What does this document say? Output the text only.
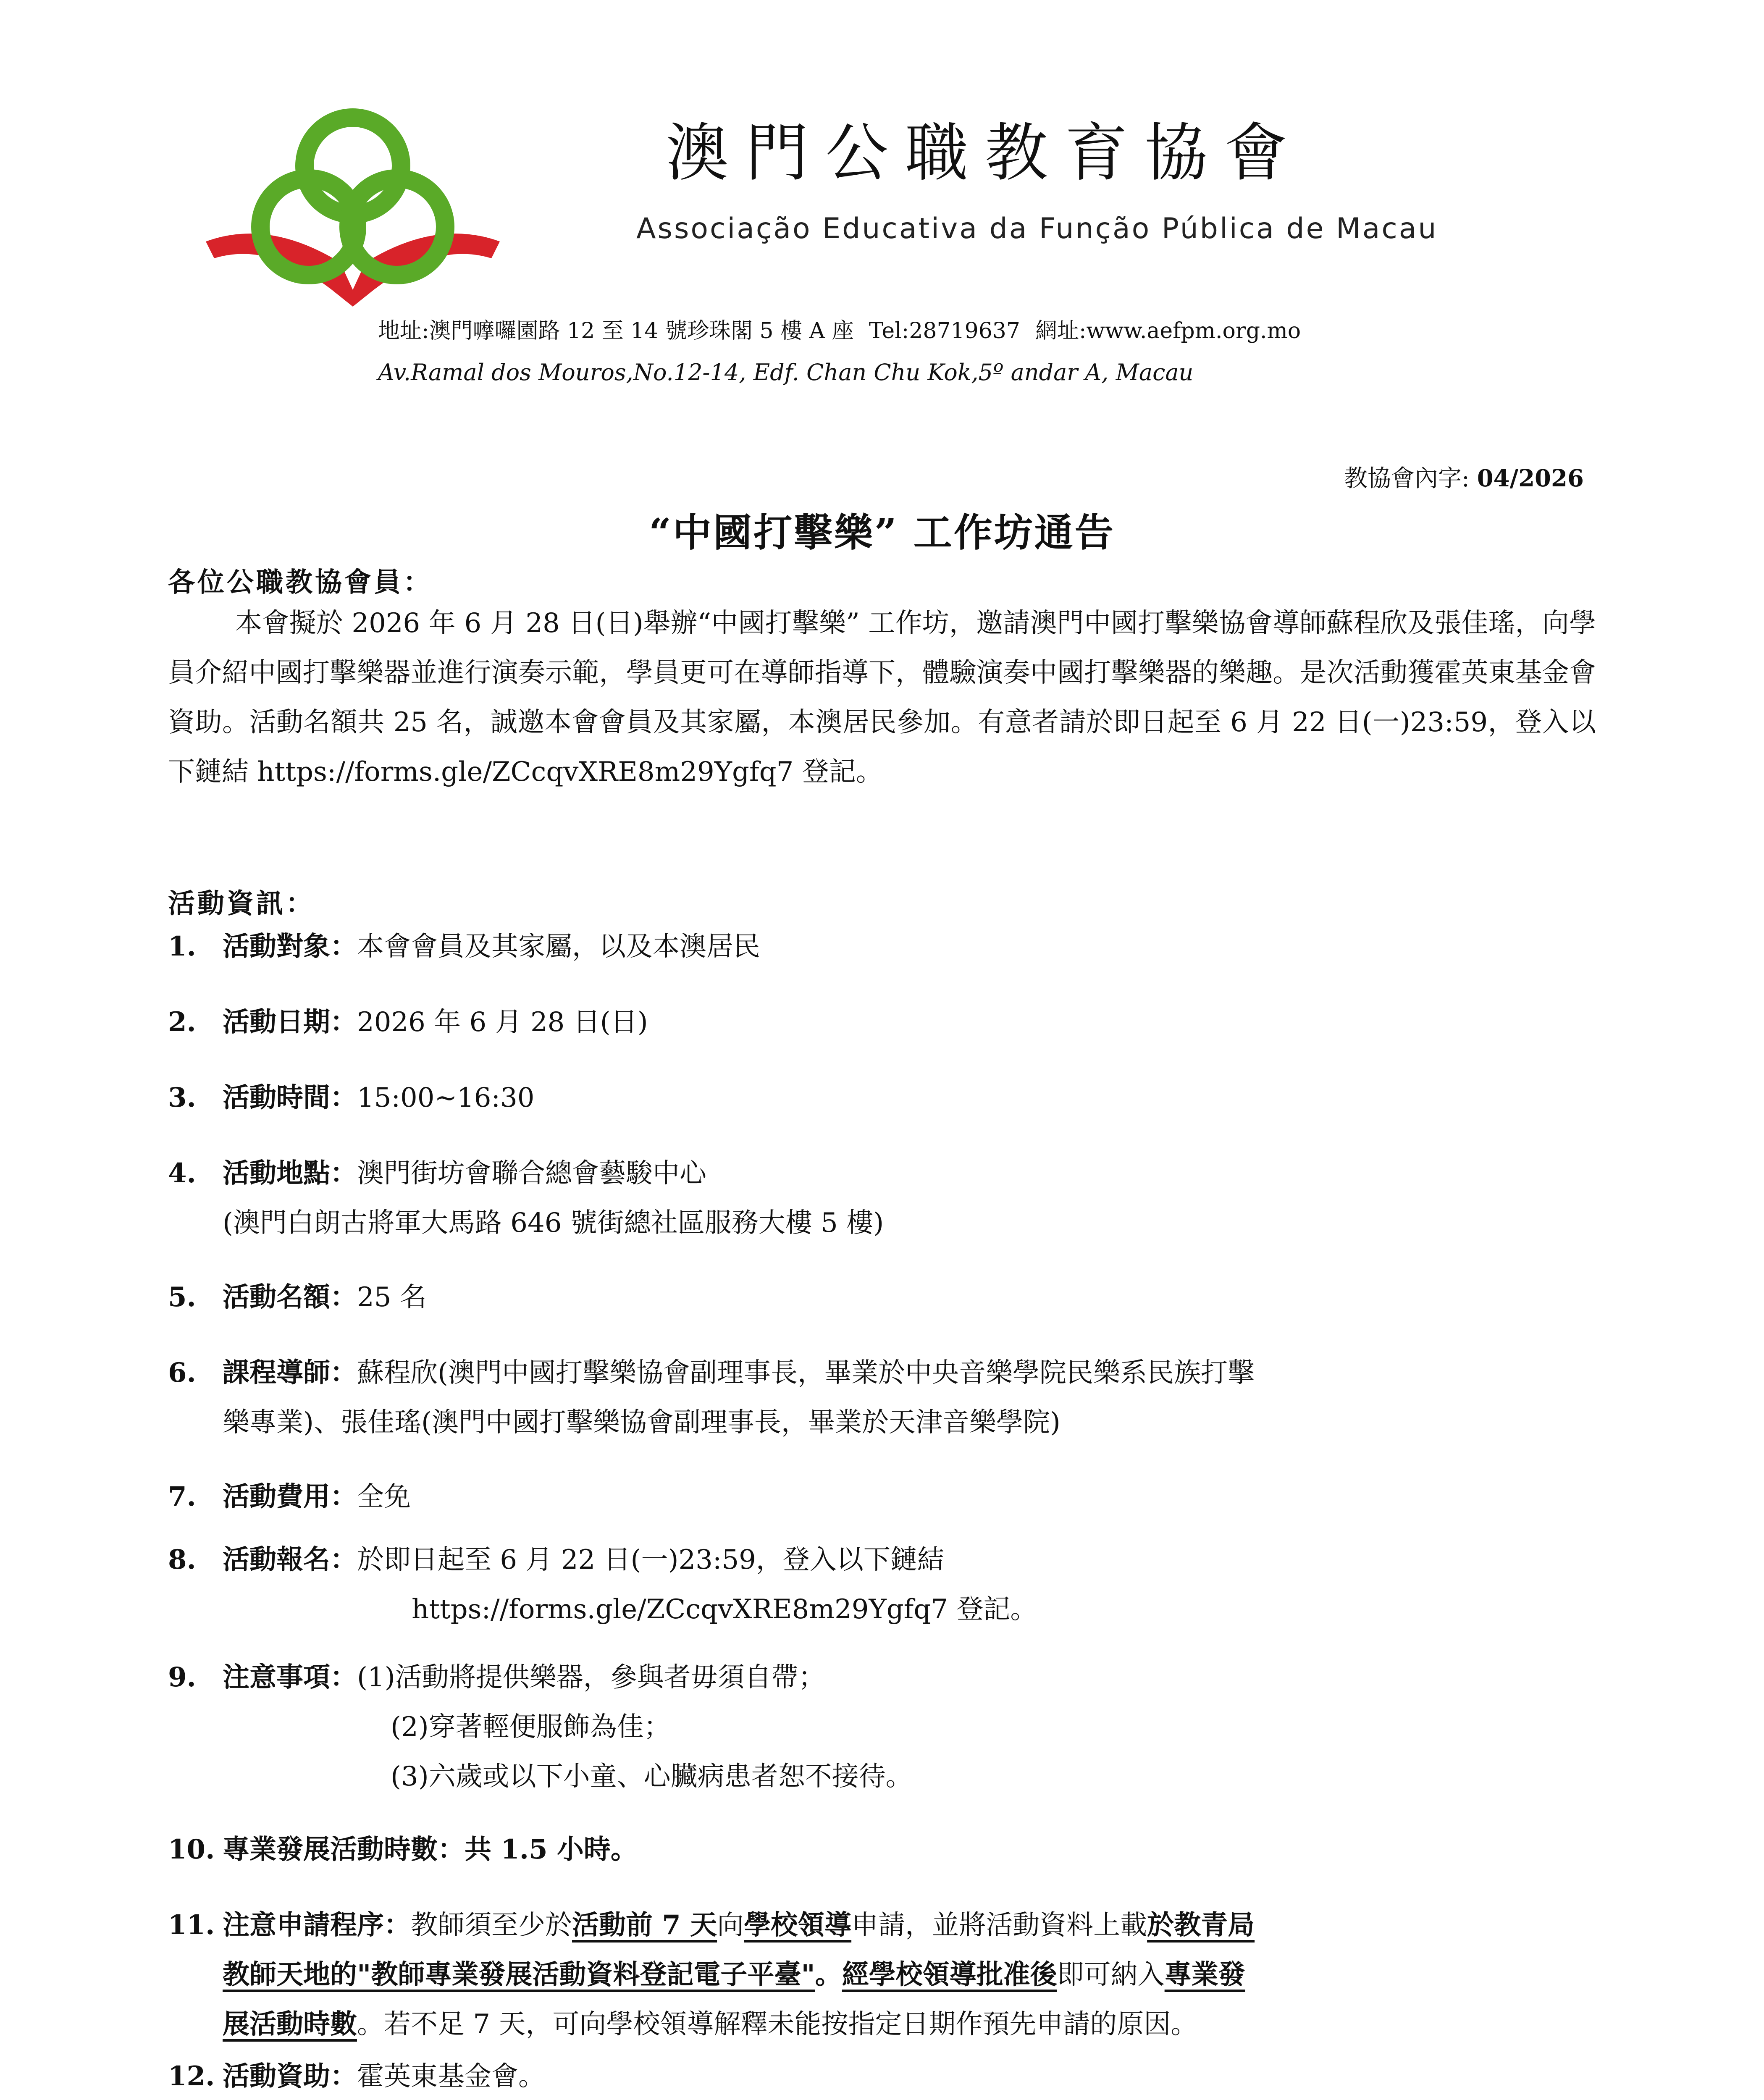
澳門公職教育協會
Associação Educativa da Função Pública de Macau
地址:澳門嚤囉園路 12 至 14 號珍珠閣 5 樓 A 座 Tel:28719637 網址:www.aefpm.org.mo
Av.Ramal dos Mouros,No.12-14, Edf. Chan Chu Kok,5º andar A, Macau
教協會內字: 04/2026
“中國打擊樂” 工作坊通告
各位公職教協會員：
本會擬於 2026 年 6 月 28 日(日)舉辦“中國打擊樂” 工作坊，邀請澳門中國打擊樂協會導師蘇程欣及張佳瑤，向學員介紹中國打擊樂器並進行演奏示範，學員更可在導師指導下，體驗演奏中國打擊樂器的樂趣。是次活動獲霍英東基金會資助。活動名額共 25 名，誠邀本會會員及其家屬，本澳居民參加。有意者請於即日起至 6 月 22 日(一)23:59，登入以下鏈結 https://forms.gle/ZCcqvXRE8m29Ygfq7 登記。
活動資訊：
1. 活動對象：本會會員及其家屬，以及本澳居民
2. 活動日期：2026 年 6 月 28 日(日)
3. 活動時間：15:00~16:30
4. 活動地點：澳門街坊會聯合總會藝駿中心
(澳門白朗古將軍大馬路 646 號街總社區服務大樓 5 樓)
5. 活動名額：25 名
6. 課程導師：蘇程欣(澳門中國打擊樂協會副理事長，畢業於中央音樂學院民樂系民族打擊
樂專業)、張佳瑤(澳門中國打擊樂協會副理事長，畢業於天津音樂學院)
7. 活動費用：全免
8. 活動報名：於即日起至 6 月 22 日(一)23:59，登入以下鏈結
https://forms.gle/ZCcqvXRE8m29Ygfq7 登記。
9. 注意事項：(1)活動將提供樂器，參與者毋須自帶；
(2)穿著輕便服飾為佳；
(3)六歲或以下小童、心臟病患者恕不接待。
10. 專業發展活動時數：共 1.5 小時。
11. 注意申請程序：教師須至少於活動前 7 天向學校領導申請，並將活動資料上載於教青局
教師天地的"教師專業發展活動資料登記電子平臺"。經學校領導批准後即可納入專業發
展活動時數。若不足 7 天，可向學校領導解釋未能按指定日期作預先申請的原因。
12. 活動資助：霍英東基金會。
